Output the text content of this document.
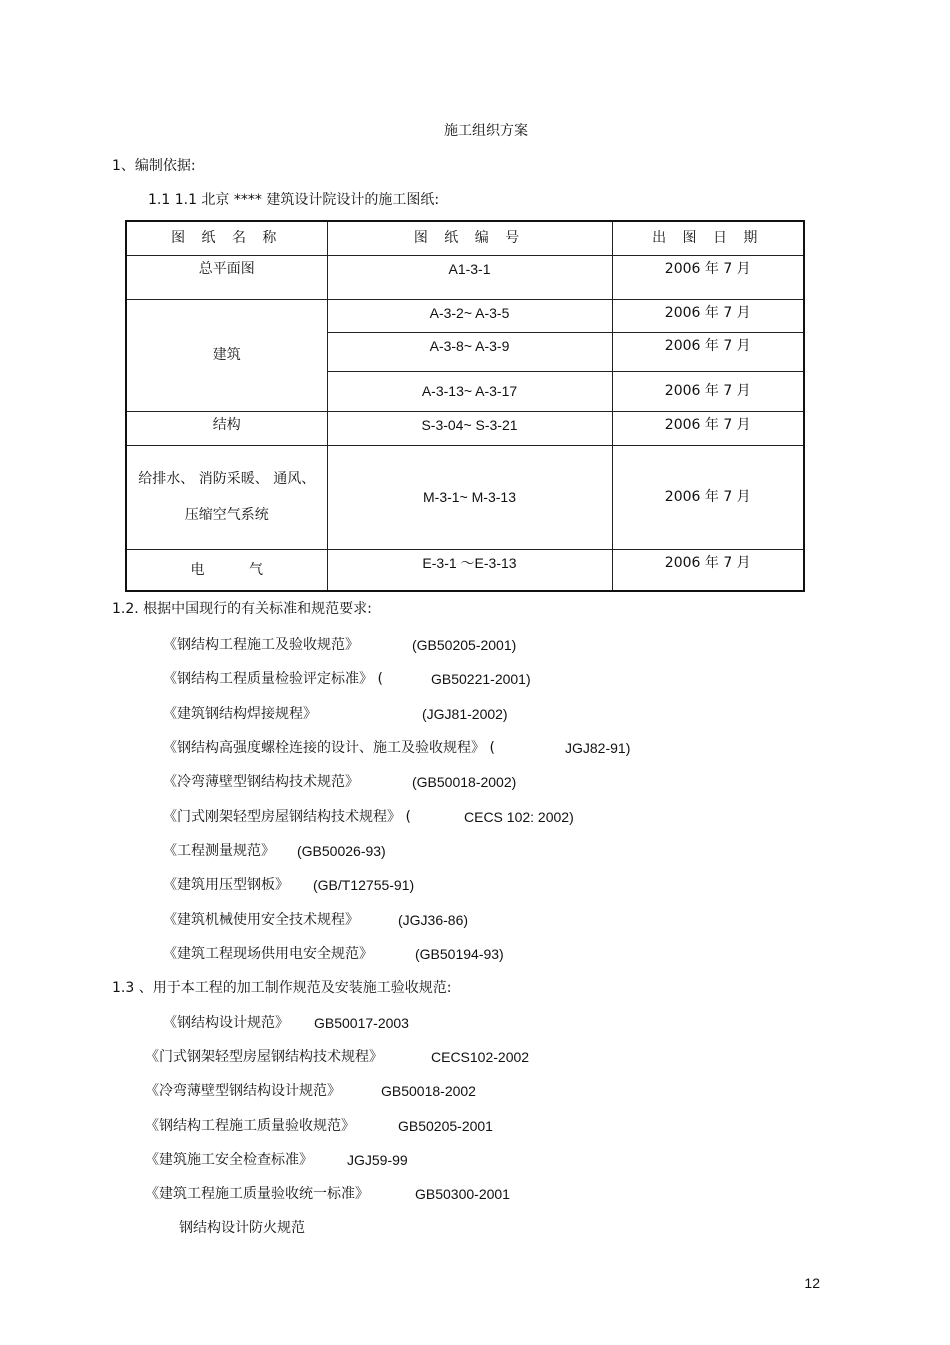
施工组织方案
1、编制依据:
1.1 1.1 北京 **** 建筑设计院设计的施工图纸:
图 纸 名 称	图 纸 编 号	出 图 日 期
总平面图	A1-3-1	2006 年 7 月
建筑	A-3-2~ A-3-5	2006 年 7 月
	A-3-8~ A-3-9	2006 年 7 月
	A-3-13~ A-3-17	2006 年 7 月
结构	S-3-04~ S-3-21	2006 年 7 月

给排水、 消防采暖、 通风、
压缩空气系统	M-3-1~ M-3-13	2006 年 7 月
电          气	E-3-1 ～E-3-13	2006 年 7 月
1.2. 根据中国现行的有关标准和规范要求:
《钢结构工程施工及验收规范》	(GB50205-2001)
《钢结构工程质量检验评定标准》 (	GB50221-2001)
《建筑钢结构焊接规程》	(JGJ81-2002)
《钢结构高强度螺栓连接的设计、施工及验收规程》 (	JGJ82-91)
《冷弯薄壁型钢结构技术规范》	(GB50018-2002)
《门式刚架轻型房屋钢结构技术规程》 (	CECS 102: 2002)
《工程测量规范》 (GB50026-93)
《建筑用压型钢板》 (GB/T12755-91)
《建筑机械使用安全技术规程》	(JGJ36-86)
《建筑工程现场供用电安全规范》	(GB50194-93)
1.3 、用于本工程的加工制作规范及安装施工验收规范:
《钢结构设计规范》 GB50017-2003
《门式钢架轻型房屋钢结构技术规程》	CECS102-2002
《冷弯薄壁型钢结构设计规范》	GB50018-2002
《钢结构工程施工质量验收规范》	GB50205-2001
《建筑施工安全检查标准》 JGJ59-99
《建筑工程施工质量验收统一标准》	GB50300-2001
钢结构设计防火规范
12
